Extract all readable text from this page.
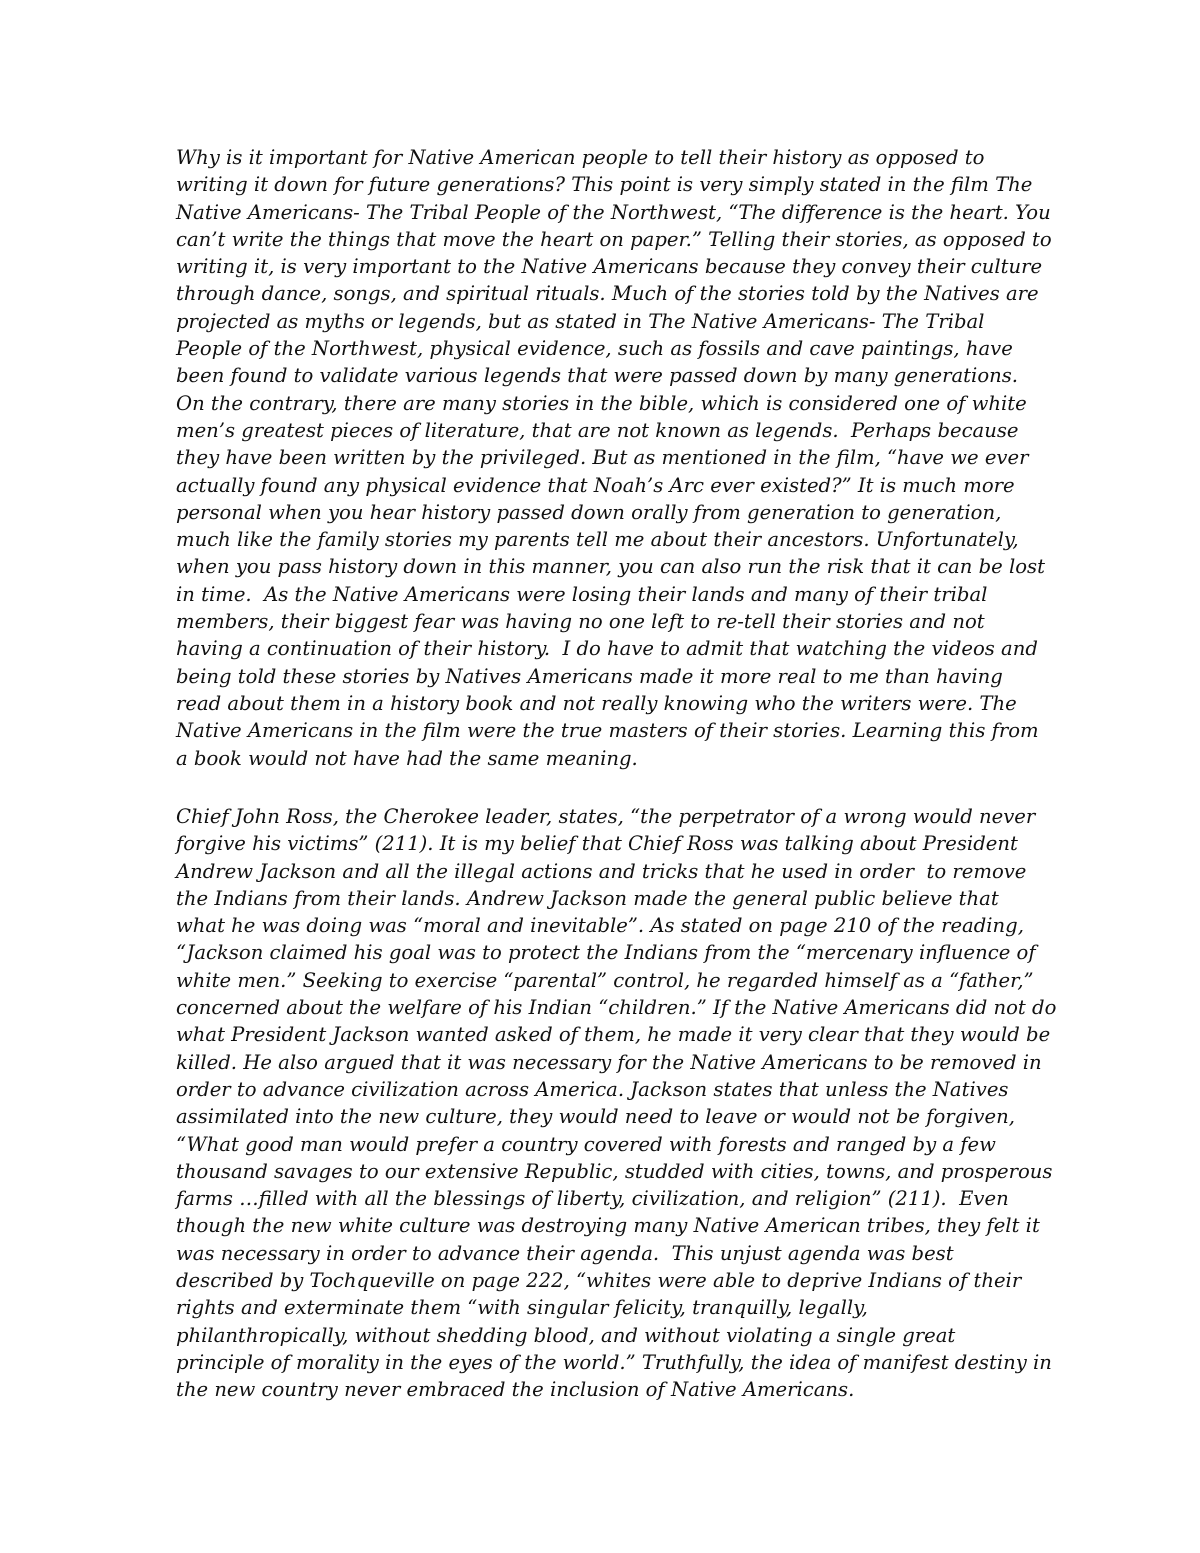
Why is it important for Native American people to tell their history as opposed to
writing it down for future generations? This point is very simply stated in the film The
Native Americans- The Tribal People of the Northwest, “The difference is the heart. You
can’t write the things that move the heart on paper.” Telling their stories, as opposed to
writing it, is very important to the Native Americans because they convey their culture
through dance, songs, and spiritual rituals. Much of the stories told by the Natives are
projected as myths or legends, but as stated in The Native Americans- The Tribal
People of the Northwest, physical evidence, such as fossils and cave paintings, have
been found to validate various legends that were passed down by many generations.
On the contrary, there are many stories in the bible, which is considered one of white
men’s greatest pieces of literature, that are not known as legends.  Perhaps because
they have been written by the privileged. But as mentioned in the film, “have we ever
actually found any physical evidence that Noah’s Arc ever existed?” It is much more
personal when you hear history passed down orally from generation to generation,
much like the family stories my parents tell me about their ancestors. Unfortunately,
when you pass history down in this manner, you can also run the risk that it can be lost
in time.  As the Native Americans were losing their lands and many of their tribal
members, their biggest fear was having no one left to re-tell their stories and not
having a continuation of their history.  I do have to admit that watching the videos and
being told these stories by Natives Americans made it more real to me than having
read about them in a history book and not really knowing who the writers were. The
Native Americans in the film were the true masters of their stories. Learning this from
a book would not have had the same meaning.
Chief John Ross, the Cherokee leader, states, “the perpetrator of a wrong would never
forgive his victims” (211). It is my belief that Chief Ross was talking about President
Andrew Jackson and all the illegal actions and tricks that he used in order  to remove
the Indians from their lands. Andrew Jackson made the general public believe that
what he was doing was “moral and inevitable”. As stated on page 210 of the reading,
“Jackson claimed his goal was to protect the Indians from the “mercenary influence of
white men.” Seeking to exercise “parental” control, he regarded himself as a “father,”
concerned about the welfare of his Indian “children.” If the Native Americans did not do
what President Jackson wanted asked of them, he made it very clear that they would be
killed. He also argued that it was necessary for the Native Americans to be removed in
order to advance civilization across America. Jackson states that unless the Natives
assimilated into the new culture, they would need to leave or would not be forgiven,
“What good man would prefer a country covered with forests and ranged by a few
thousand savages to our extensive Republic, studded with cities, towns, and prosperous
farms …filled with all the blessings of liberty, civilization, and religion” (211).  Even
though the new white culture was destroying many Native American tribes, they felt it
was necessary in order to advance their agenda.  This unjust agenda was best
described by Tochqueville on page 222, “whites were able to deprive Indians of their
rights and exterminate them “with singular felicity, tranquilly, legally,
philanthropically, without shedding blood, and without violating a single great
principle of morality in the eyes of the world.” Truthfully, the idea of manifest destiny in
the new country never embraced the inclusion of Native Americans.
